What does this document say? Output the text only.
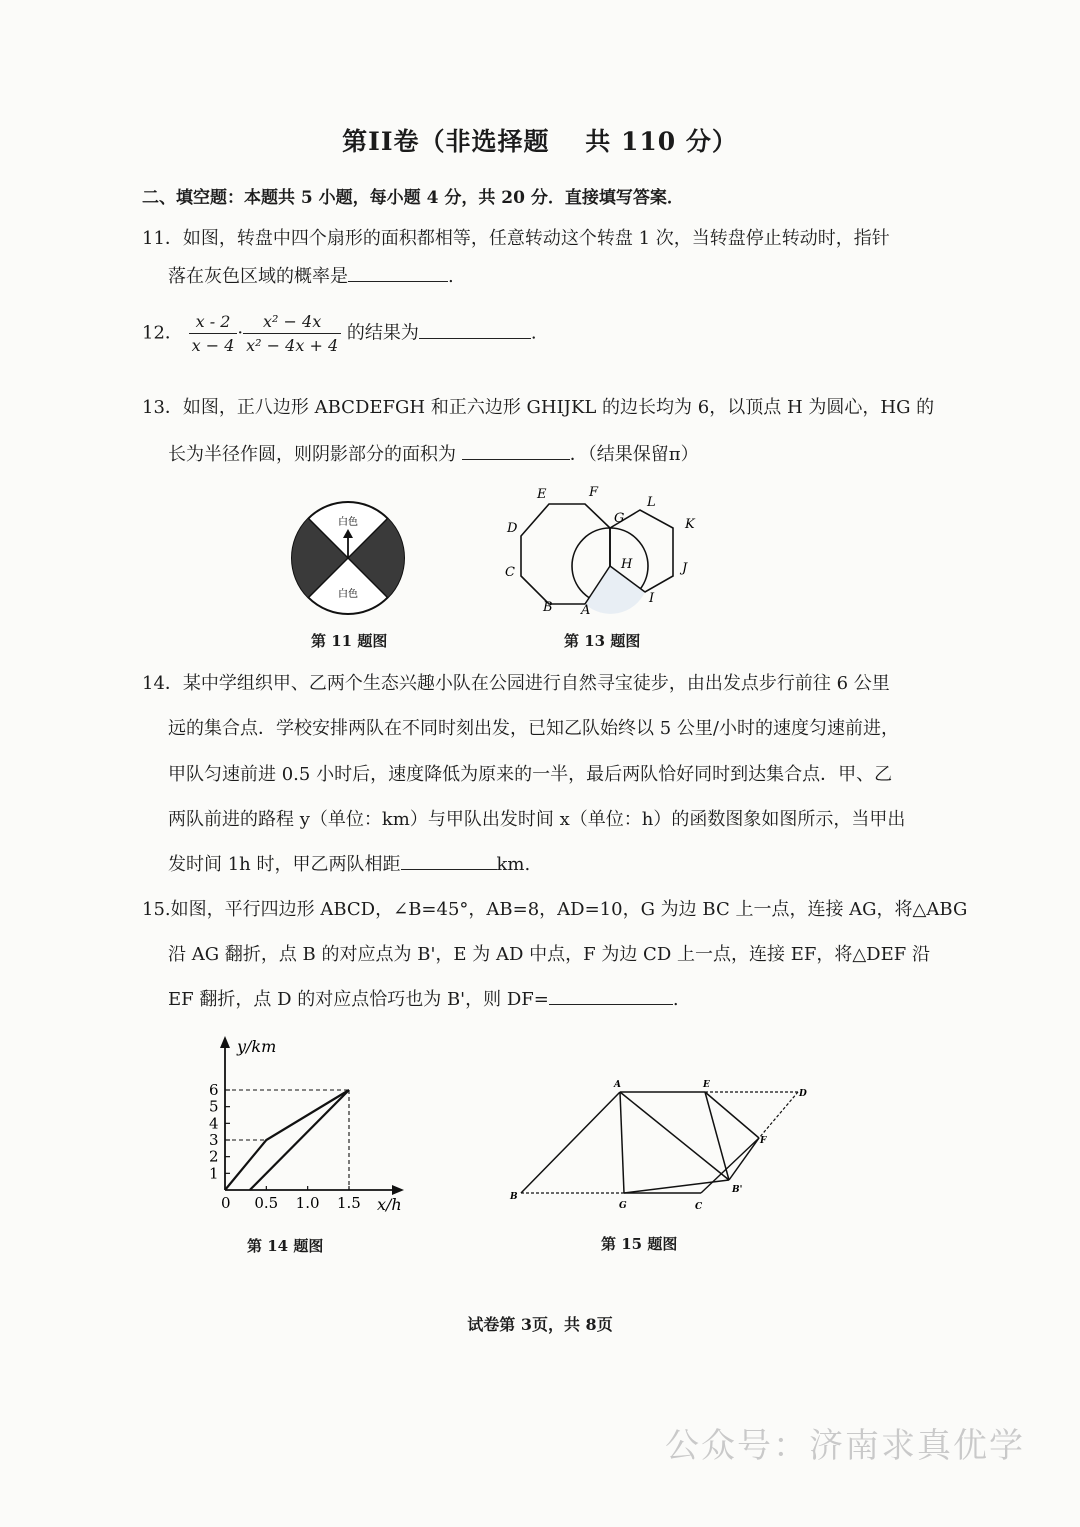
第II卷（非选择题　 共 110 分）
二、填空题：本题共 5 小题，每小题 4 分，共 20 分．直接填写答案．
11．如图，转盘中四个扇形的面积都相等，任意转动这个转盘 1 次，当转盘停止转动时，指针
落在灰色区域的概率是	.
12． $\frac{x - 2}{x - 4} \cdot \frac{\text{x² − 4x}}{\text{x² − 4x + 4}}$ 的结果为	.
13．如图，正八边形 ABCDEFGH 和正六边形 GHIJKL 的边长均为 6，以顶点 H 为圆心，HG 的
长为半径作圆，则阴影部分的面积为	．（结果保留π）
白色
白色
第 11 题图
E	F
G
L
K
D
C
H	J
I
B A
第 13 题图
14．某中学组织甲、乙两个生态兴趣小队在公园进行自然寻宝徒步，由出发点步行前往 6 公里
远的集合点．学校安排两队在不同时刻出发，已知乙队始终以 5 公里/小时的速度匀速前进，
甲队匀速前进 0.5 小时后，速度降低为原来的一半，最后两队恰好同时到达集合点．甲、乙
两队前进的路程 y（单位：km）与甲队出发时间 x（单位：h）的函数图象如图所示，当甲出
发时间 1h 时，甲乙两队相距	km.
15.如图，平行四边形 ABCD，∠B=45°，AB=8，AD=10，G 为边 BC 上一点，连接 AG，将△ABG
沿 AG 翻折，点 B 的对应点为 B'，E 为 AD 中点，F 为边 CD 上一点，连接 EF，将△DEF 沿
EF 翻折，点 D 的对应点恰巧也为 B'，则 DF=	.
y/km
x/h
0
1
2
3
4
5
6
0.5 1.0 1.5
第 14 题图
A	E
D
F
B
G	C
B'
第 15 题图
试卷第 3页，共 8页
公众号：济南求真优学
